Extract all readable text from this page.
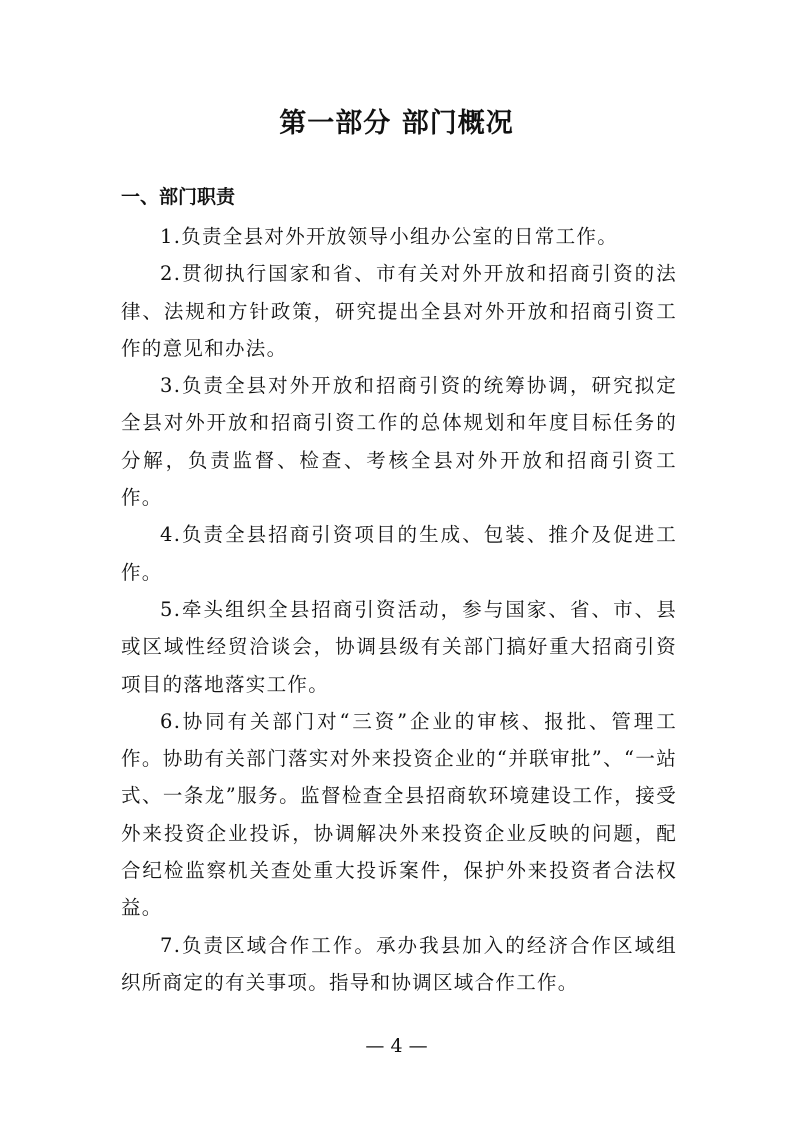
第一部分 部门概况
一、部门职责

1.负责全县对外开放领导小组办公室的日常工作。

2.贯彻执行国家和省、市有关对外开放和招商引资的法律、法规和方针政策，研究提出全县对外开放和招商引资工作的意见和办法。

3.负责全县对外开放和招商引资的统筹协调，研究拟定全县对外开放和招商引资工作的总体规划和年度目标任务的分解，负责监督、检查、考核全县对外开放和招商引资工作。

4.负责全县招商引资项目的生成、包装、推介及促进工作。

5.牵头组织全县招商引资活动，参与国家、省、市、县或区域性经贸洽谈会，协调县级有关部门搞好重大招商引资项目的落地落实工作。

6.协同有关部门对“三资”企业的审核、报批、管理工作。协助有关部门落实对外来投资企业的“并联审批”、“一站式、一条龙”服务。监督检查全县招商软环境建设工作，接受外来投资企业投诉，协调解决外来投资企业反映的问题，配合纪检监察机关查处重大投诉案件，保护外来投资者合法权益。

7.负责区域合作工作。承办我县加入的经济合作区域组织所商定的有关事项。指导和协调区域合作工作。

— 4 —
